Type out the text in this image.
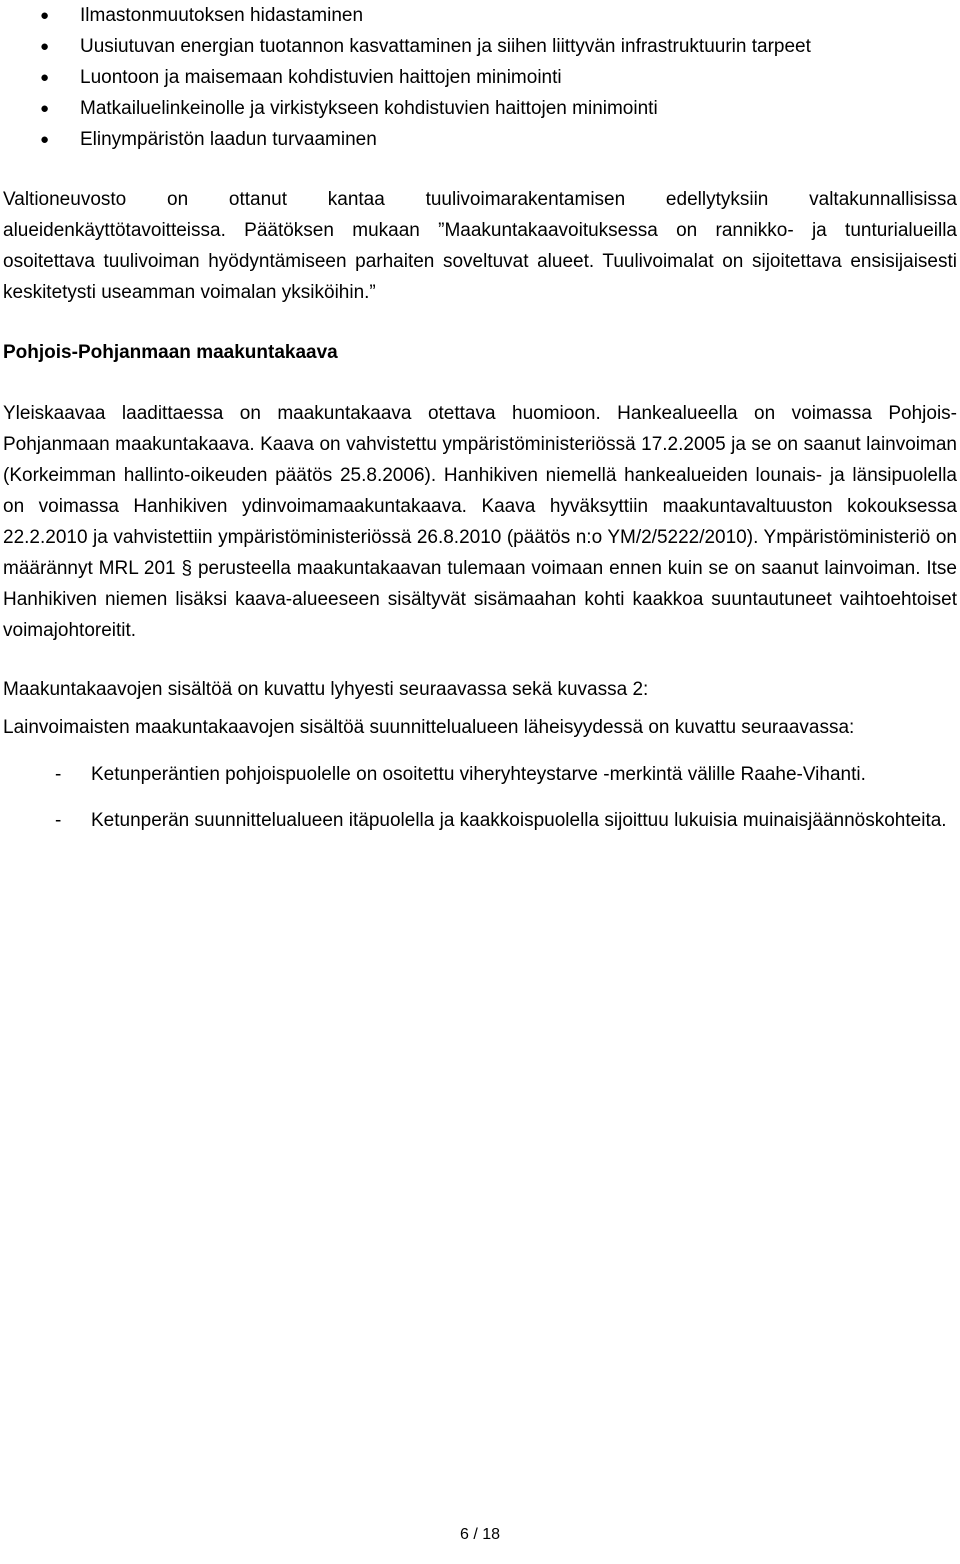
● Ilmastonmuutoksen hidastaminen
● Uusiutuvan energian tuotannon kasvattaminen ja siihen liittyvän infrastruktuurin tarpeet
● Luontoon ja maisemaan kohdistuvien haittojen minimointi
● Matkailuelinkeinolle ja virkistykseen kohdistuvien haittojen minimointi
● Elinympäristön laadun turvaaminen

Valtioneuvosto on ottanut kantaa tuulivoimarakentamisen edellytyksiin valtakunnallisissa alueidenkäyttötavoitteissa. Päätöksen mukaan ”Maakuntakaavoituksessa on rannikko- ja tunturialueilla osoitettava tuulivoiman hyödyntämiseen parhaiten soveltuvat alueet. Tuulivoimalat on sijoitettava ensisijaisesti keskitetysti useamman voimalan yksiköihin.”

Pohjois-Pohjanmaan maakuntakaava

Yleiskaavaa laadittaessa on maakuntakaava otettava huomioon. Hankealueella on voimassa Pohjois-Pohjanmaan maakuntakaava. Kaava on vahvistettu ympäristöministeriössä 17.2.2005 ja se on saanut lainvoiman (Korkeimman hallinto-oikeuden päätös 25.8.2006). Hanhikiven niemellä hankealueiden lounais- ja länsipuolella on voimassa Hanhikiven ydinvoimamaakuntakaava. Kaava hyväksyttiin maakuntavaltuuston kokouksessa 22.2.2010 ja vahvistettiin ympäristöministeriössä 26.8.2010 (päätös n:o YM/2/5222/2010). Ympäristöministeriö on määrännyt MRL 201 § perusteella maakuntakaavan tulemaan voimaan ennen kuin se on saanut lainvoiman. Itse Hanhikiven niemen lisäksi kaava-alueeseen sisältyvät sisämaahan kohti kaakkoa suuntautuneet vaihtoehtoiset voimajohtoreitit.

Maakuntakaavojen sisältöä on kuvattu lyhyesti seuraavassa sekä kuvassa 2:

Lainvoimaisten maakuntakaavojen sisältöä suunnittelualueen läheisyydessä on kuvattu seuraavassa:

- Ketunperäntien pohjoispuolelle on osoitettu viheryhteystarve -merkintä välille Raahe-Vihanti.
- Ketunperän suunnittelualueen itäpuolella ja kaakkoispuolella sijoittuu lukuisia muinaisjäännöskohteita.
6 / 18
